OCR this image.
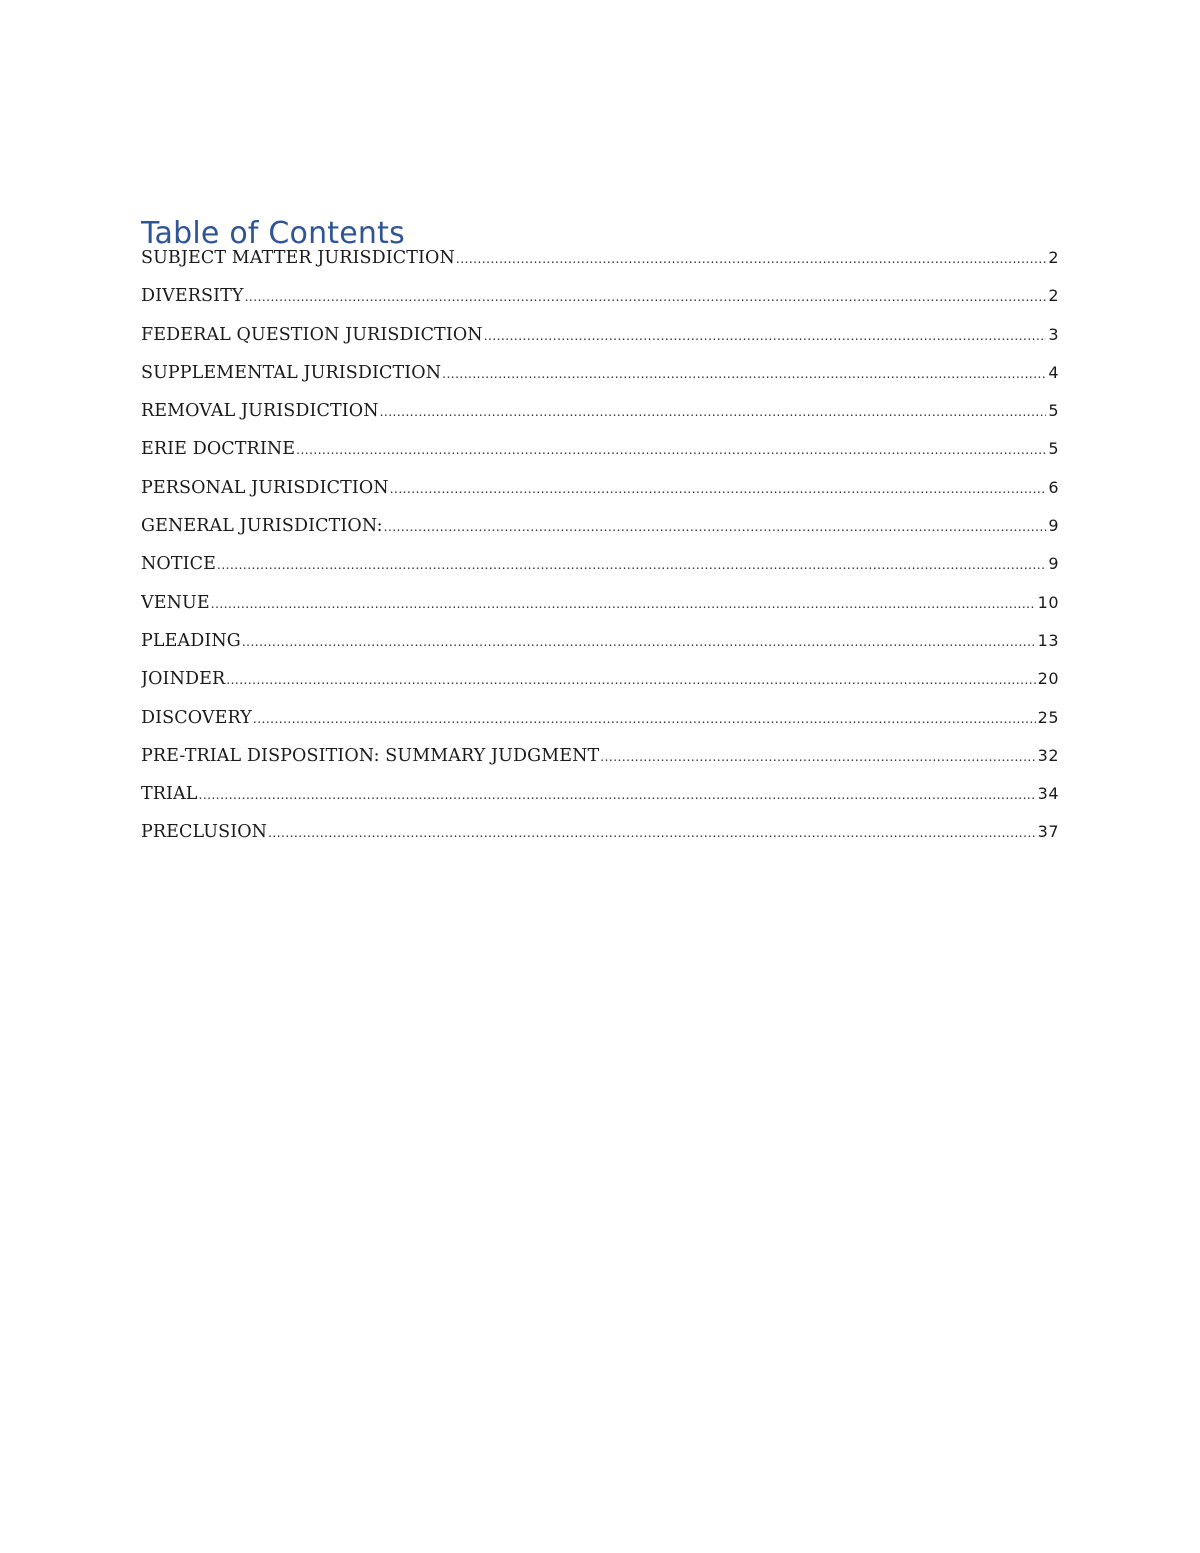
Table of Contents
SUBJECT MATTER JURISDICTION .....	2
DIVERSITY .....	2
FEDERAL QUESTION JURISDICTION .....	3
SUPPLEMENTAL JURISDICTION .....	4
REMOVAL JURISDICTION .....	5
ERIE DOCTRINE .....	5
PERSONAL JURISDICTION .....	6
GENERAL JURISDICTION: .....	9
NOTICE .....	9
VENUE .....	10
PLEADING .....	13
JOINDER .....	20
DISCOVERY .....	25
PRE-TRIAL DISPOSITION: SUMMARY JUDGMENT .....	32
TRIAL .....	34
PRECLUSION .....	37
